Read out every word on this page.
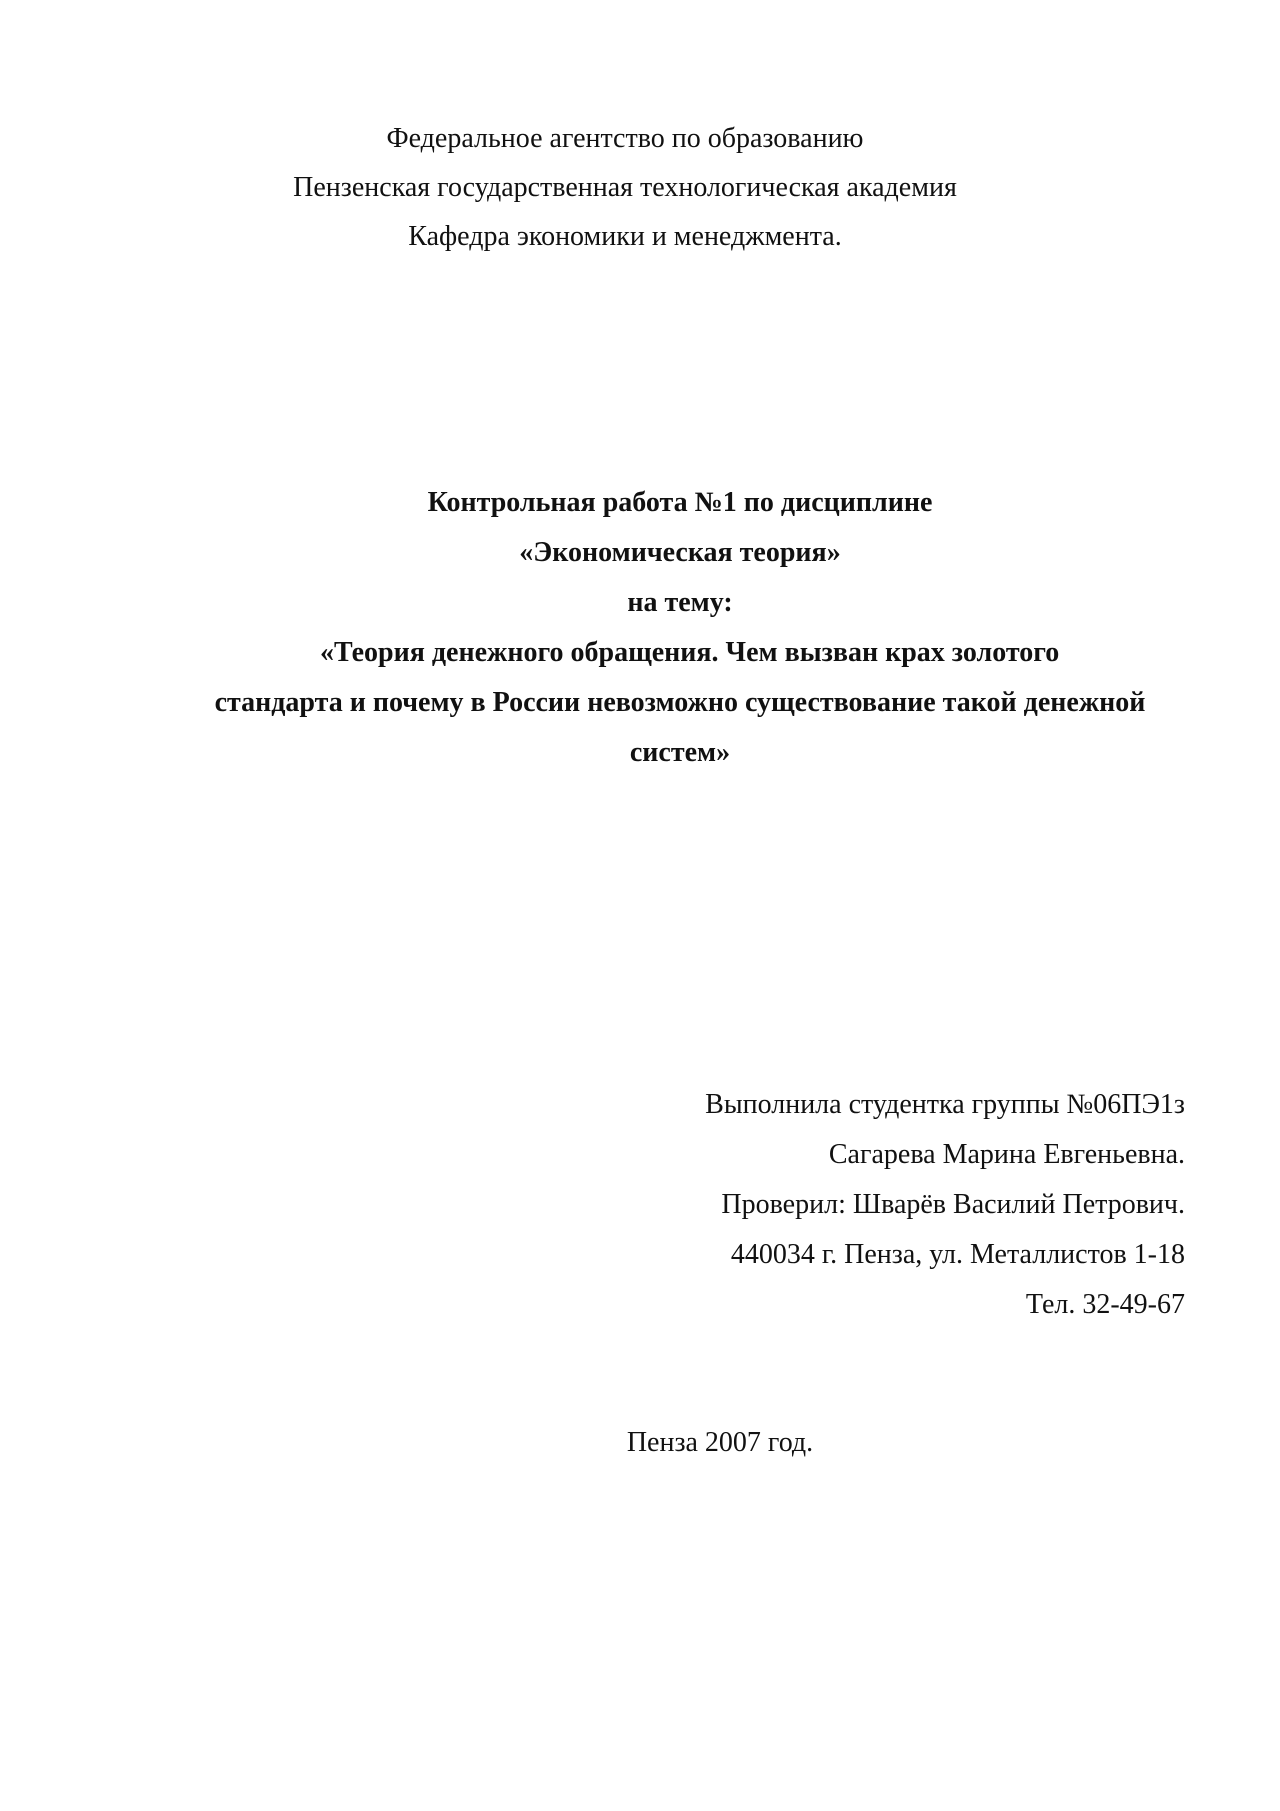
Федеральное агентство по образованию
Пензенская государственная технологическая академия
Кафедра экономики и менеджмента.
Контрольная работа №1 по дисциплине
«Экономическая теория»
на тему:
«Теория денежного обращения. Чем вызван крах золотого
стандарта и почему в России невозможно существование такой денежной
систем»
Выполнила студентка группы №06ПЭ1з
Сагарева Марина Евгеньевна.
Проверил: Шварёв Василий Петрович.
440034 г. Пенза, ул. Металлистов 1-18
Тел. 32-49-67
Пенза 2007 год.
